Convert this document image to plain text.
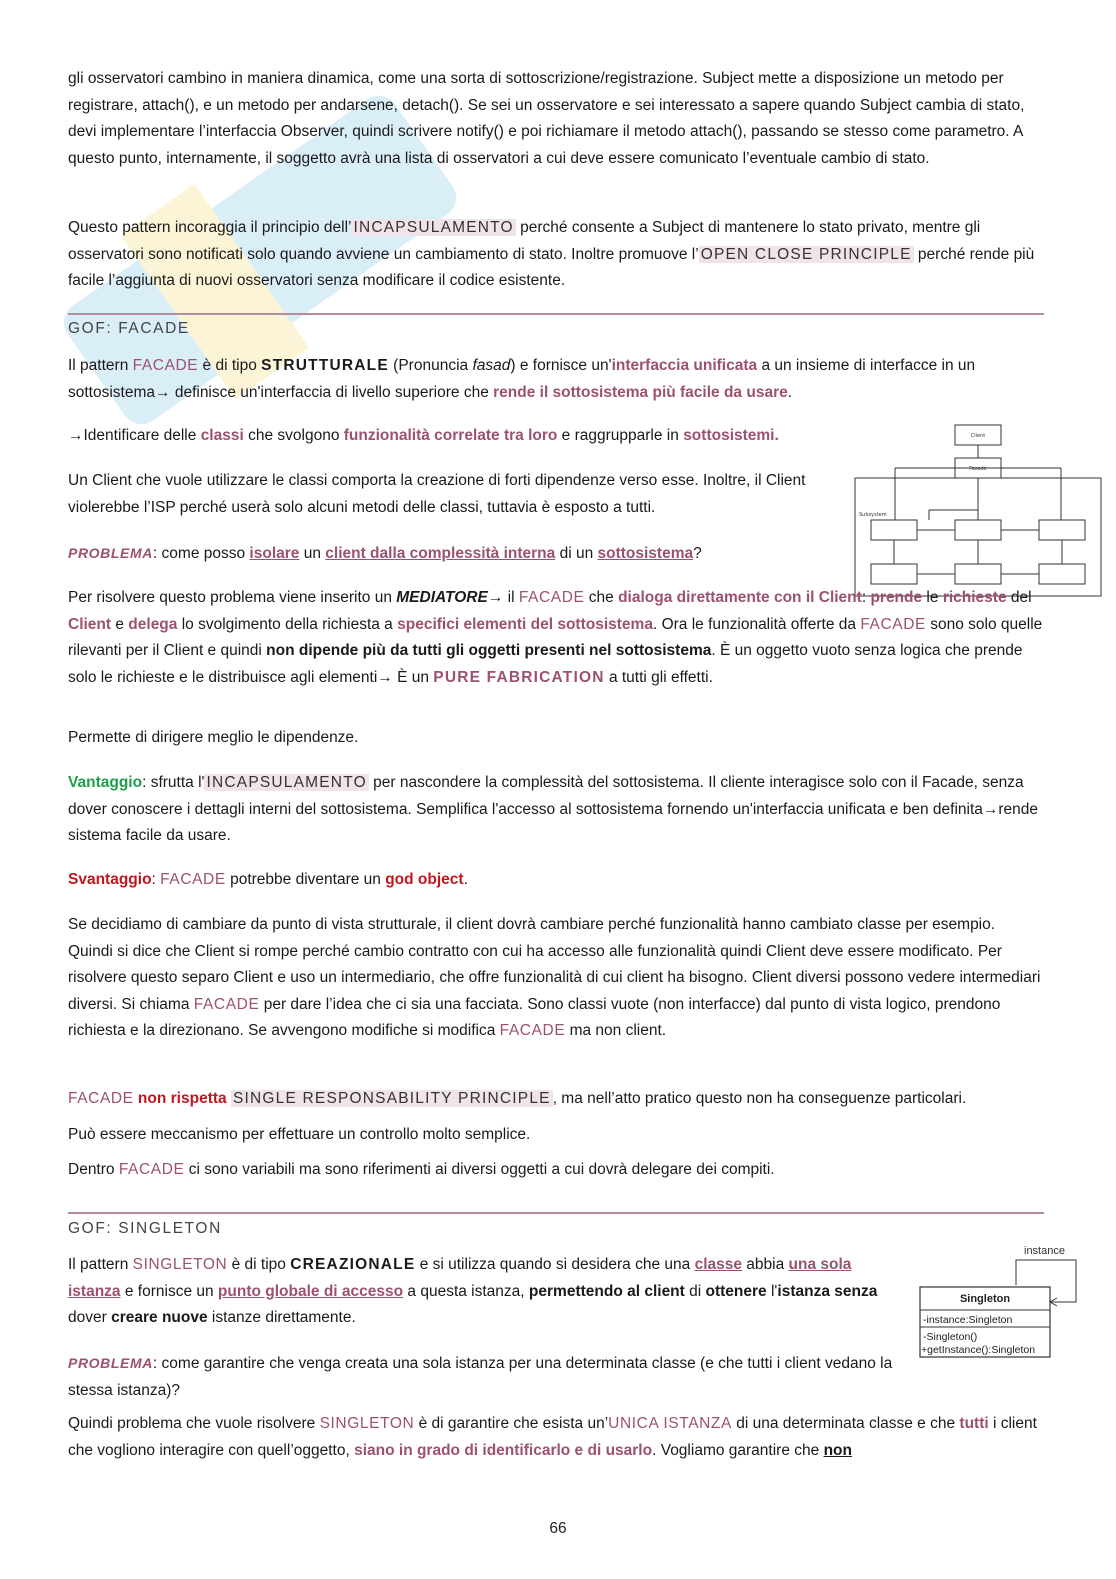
gli osservatori cambino in maniera dinamica, come una sorta di sottoscrizione/registrazione. Subject mette a disposizione un metodo per registrare, attach(), e un metodo per andarsene, detach(). Se sei un osservatore e sei interessato a sapere quando Subject cambia di stato, devi implementare l’interfaccia Observer, quindi scrivere notify() e poi richiamare il metodo attach(), passando se stesso come parametro. A questo punto, internamente, il soggetto avrà una lista di osservatori a cui deve essere comunicato l’eventuale cambio di stato.

Questo pattern incoraggia il principio dell’ INCAPSULAMENTO perché consente a Subject di mantenere lo stato privato, mentre gli osservatori sono notificati solo quando avviene un cambiamento di stato. Inoltre promuove l’ OPEN CLOSE PRINCIPLE perché rende più facile l’aggiunta di nuovi osservatori senza modificare il codice esistente.

GOF: FACADE

Il pattern FACADE è di tipo STRUTTURALE (Pronuncia fasad) e fornisce un'interfaccia unificata a un insieme di interfacce in un sottosistema→ definisce un'interfaccia di livello superiore che rende il sottosistema più facile da usare.

→Identificare delle classi che svolgono funzionalità correlate tra loro e raggrupparle in sottosistemi.

Subsystem
Client
Facade

Un Client che vuole utilizzare le classi comporta la creazione di forti dipendenze verso esse. Inoltre, il Client violerebbe l’ISP perché userà solo alcuni metodi delle classi, tuttavia è esposto a tutti.

PROBLEMA: come posso isolare un client dalla complessità interna di un sottosistema?

Per risolvere questo problema viene inserito un MEDIATORE→ il FACADE che dialoga direttamente con il Client: prende le richieste del Client e delega lo svolgimento della richiesta a specifici elementi del sottosistema. Ora le funzionalità offerte da FACADE sono solo quelle rilevanti per il Client e quindi non dipende più da tutti gli oggetti presenti nel sottosistema. È un oggetto vuoto senza logica che prende solo le richieste e le distribuisce agli elementi→ È un PURE FABRICATION a tutti gli effetti.

Permette di dirigere meglio le dipendenze.

Vantaggio: sfrutta l' INCAPSULAMENTO per nascondere la complessità del sottosistema. Il cliente interagisce solo con il Facade, senza dover conoscere i dettagli interni del sottosistema. Semplifica l'accesso al sottosistema fornendo un'interfaccia unificata e ben definita→rende sistema facile da usare.

Svantaggio: FACADE potrebbe diventare un god object.

Se decidiamo di cambiare da punto di vista strutturale, il client dovrà cambiare perché funzionalità hanno cambiato classe per esempio. Quindi si dice che Client si rompe perché cambio contratto con cui ha accesso alle funzionalità quindi Client deve essere modificato. Per risolvere questo separo Client e uso un intermediario, che offre funzionalità di cui client ha bisogno. Client diversi possono vedere intermediari diversi. Si chiama FACADE per dare l’idea che ci sia una facciata. Sono classi vuote (non interfacce) dal punto di vista logico, prendono richiesta e la direzionano. Se avvengono modifiche si modifica FACADE ma non client.

FACADE non rispetta SINGLE RESPONSABILITY PRINCIPLE , ma nell’atto pratico questo non ha conseguenze particolari.

Può essere meccanismo per effettuare un controllo molto semplice.

Dentro FACADE ci sono variabili ma sono riferimenti ai diversi oggetti a cui dovrà delegare dei compiti.

GOF: SINGLETON

Il pattern SINGLETON è di tipo CREAZIONALE e si utilizza quando si desidera che una classe abbia una sola istanza e fornisce un punto globale di accesso a questa istanza, permettendo al client di ottenere l'istanza senza dover creare nuove istanze direttamente.

instance
Singleton
-instance:Singleton
-Singleton()
+getInstance():Singleton

PROBLEMA: come garantire che venga creata una sola istanza per una determinata classe (e che tutti i client vedano la stessa istanza)?

Quindi problema che vuole risolvere SINGLETON è di garantire che esista un’UNICA ISTANZA di una determinata classe e che tutti i client che vogliono interagire con quell’oggetto, siano in grado di identificarlo e di usarlo. Vogliamo garantire che non

66
